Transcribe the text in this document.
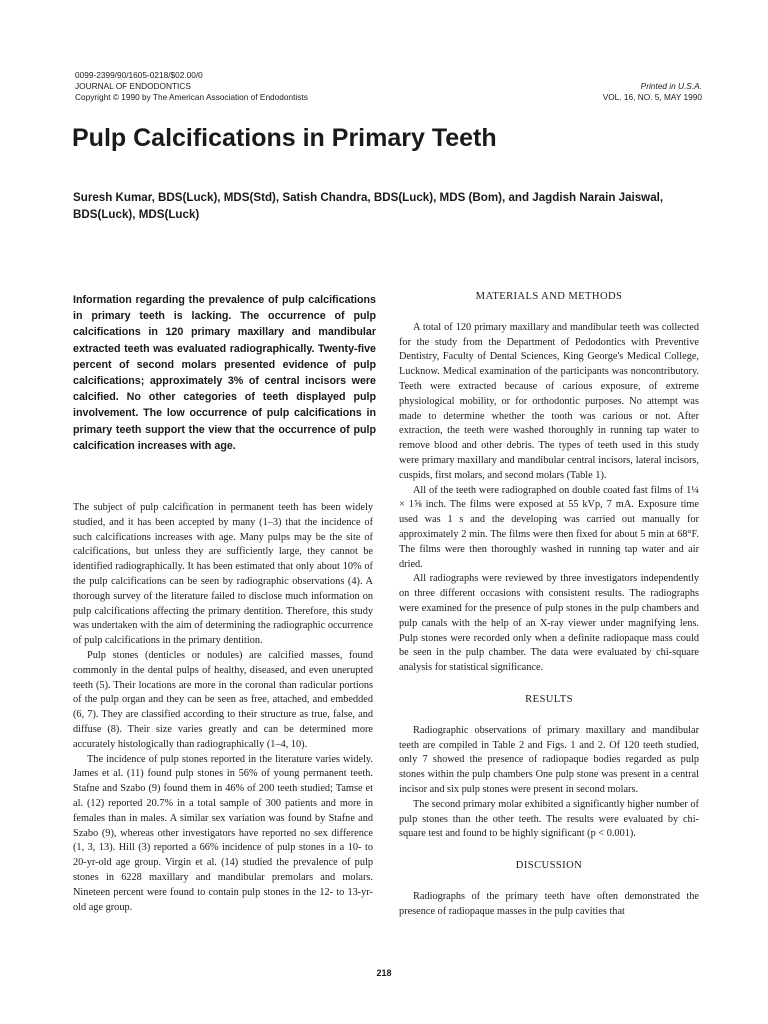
0099-2399/90/1605-0218/$02.00/0
JOURNAL OF ENDODONTICS
Copyright © 1990 by The American Association of Endodontists
Printed in U.S.A.
VOL. 16, NO. 5, MAY 1990
Pulp Calcifications in Primary Teeth

Suresh Kumar, BDS(Luck), MDS(Std), Satish Chandra, BDS(Luck), MDS (Bom), and Jagdish Narain Jaiswal, BDS(Luck), MDS(Luck)

Information regarding the prevalence of pulp calcifications in primary teeth is lacking. The occurrence of pulp calcifications in 120 primary maxillary and mandibular extracted teeth was evaluated radiographically. Twenty-five percent of second molars presented evidence of pulp calcifications; approximately 3% of central incisors were calcified. No other categories of teeth displayed pulp involvement. The low occurrence of pulp calcifications in primary teeth support the view that the occurrence of pulp calcification increases with age.

The subject of pulp calcification in permanent teeth has been widely studied, and it has been accepted by many (1–3) that the incidence of such calcifications increases with age. Many pulps may be the site of calcifications, but unless they are sufficiently large, they cannot be identified radiographically. It has been estimated that only about 10% of the pulp calcifications can be seen by radiographic observations (4). A thorough survey of the literature failed to disclose much information on pulp calcifications affecting the primary dentition. Therefore, this study was undertaken with the aim of determining the radiographic occurrence of pulp calcifications in the primary dentition.

Pulp stones (denticles or nodules) are calcified masses, found commonly in the dental pulps of healthy, diseased, and even unerupted teeth (5). Their locations are more in the coronal than radicular portions of the pulp organ and they can be seen as free, attached, and embedded (6, 7). They are classified according to their structure as true, false, and diffuse (8). Their size varies greatly and can be determined more accurately histologically than radiographically (1–4, 10).

The incidence of pulp stones reported in the literature varies widely. James et al. (11) found pulp stones in 56% of young permanent teeth. Stafne and Szabo (9) found them in 46% of 200 teeth studied; Tamse et al. (12) reported 20.7% in a total sample of 300 patients and more in females than in males. A similar sex variation was found by Stafne and Szabo (9), whereas other investigators have reported no sex difference (1, 3, 13). Hill (3) reported a 66% incidence of pulp stones in a 10- to 20-yr-old age group. Virgin et al. (14) studied the prevalence of pulp stones in 6228 maxillary and mandibular premolars and molars. Nineteen percent were found to contain pulp stones in the 12- to 13-yr-old age group.

MATERIALS AND METHODS

A total of 120 primary maxillary and mandibular teeth was collected for the study from the Department of Pedodontics with Preventive Dentistry, Faculty of Dental Sciences, King George's Medical College, Lucknow. Medical examination of the participants was noncontributory. Teeth were extracted because of carious exposure, of extreme physiological mobility, or for orthodontic purposes. No attempt was made to determine whether the tooth was carious or not. After extraction, the teeth were washed thoroughly in running tap water to remove blood and other debris. The types of teeth used in this study were primary maxillary and mandibular central incisors, lateral incisors, cuspids, first molars, and second molars (Table 1).

All of the teeth were radiographed on double coated fast films of 1¼ × 1⅝ inch. The films were exposed at 55 kVp, 7 mA. Exposure time used was 1 s and the developing was carried out manually for approximately 2 min. The films were then fixed for about 5 min at 68°F. The films were then thoroughly washed in running tap water and air dried.

All radiographs were reviewed by three investigators independently on three different occasions with consistent results. The radiographs were examined for the presence of pulp stones in the pulp chambers and pulp canals with the help of an X-ray viewer under magnifying lens. Pulp stones were recorded only when a definite radiopaque mass could be seen in the pulp chamber. The data were evaluated by chi-square analysis for statistical significance.

RESULTS

Radiographic observations of primary maxillary and mandibular teeth are compiled in Table 2 and Figs. 1 and 2. Of 120 teeth studied, only 7 showed the presence of radiopaque bodies regarded as pulp stones within the pulp chambers One pulp stone was present in a central incisor and six pulp stones were present in second molars.

The second primary molar exhibited a significantly higher number of pulp stones than the other teeth. The results were evaluated by chi-square test and found to be highly significant (p < 0.001).

DISCUSSION

Radiographs of the primary teeth have often demonstrated the presence of radiopaque masses in the pulp cavities that

218
